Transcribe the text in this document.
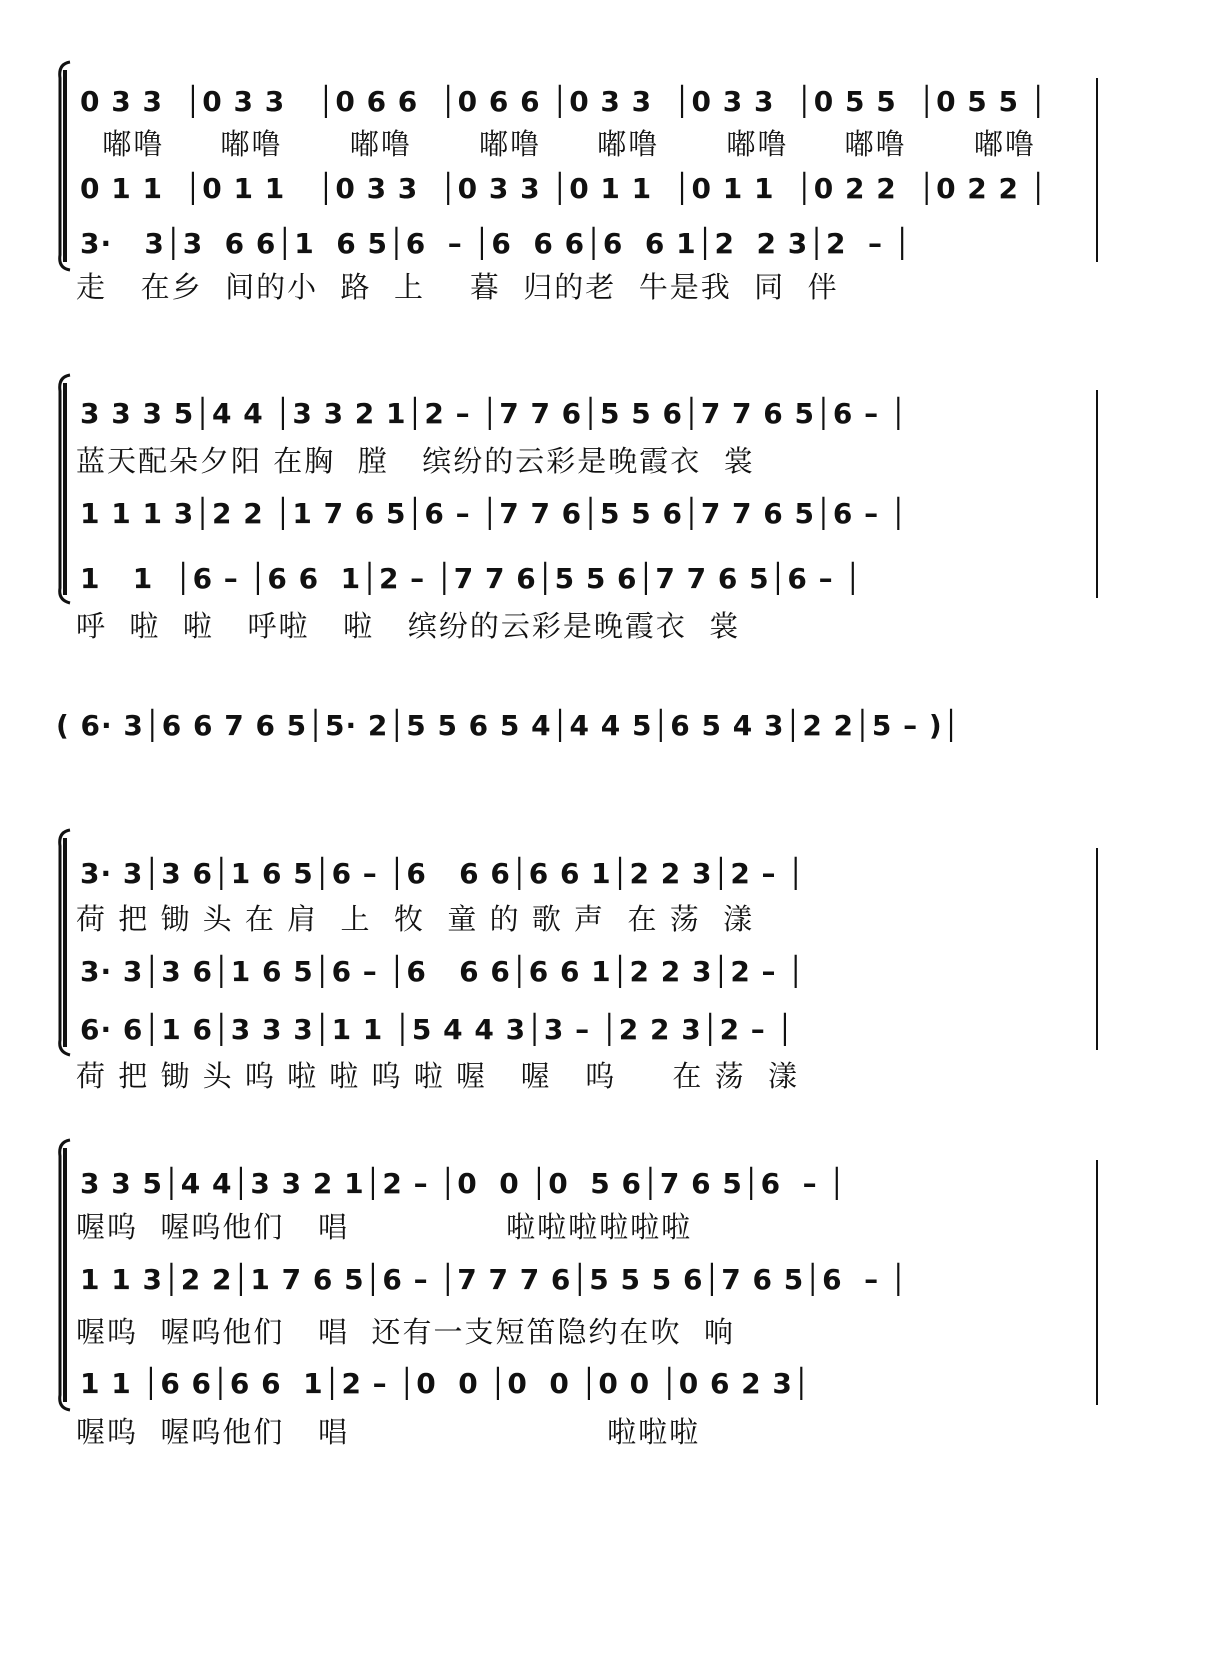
0 3 3  │0 3 3   │0 6 6  │0 6 6 │0 3 3  │0 3 3  │0 5 5  │0 5 5 │
嘟噜     嘟噜      嘟噜      嘟噜     嘟噜      嘟噜     嘟噜      嘟噜
0 1 1  │0 1 1   │0 3 3  │0 3 3 │0 1 1  │0 1 1  │0 2 2  │0 2 2 │
3·   3│3  6 6│1  6 5│6  – │6  6 6│6  6 1│2  2 3│2  – │
走   在乡  间的小  路  上    暮  归的老  牛是我  同  伴
3 3 3 5│4 4 │3 3 2 1│2 – │7 7 6│5 5 6│7 7 6 5│6 – │
蓝天配朵夕阳 在胸  膛   缤纷的云彩是晚霞衣  裳
1 1 1 3│2 2 │1 7 6 5│6 – │7 7 6│5 5 6│7 7 6 5│6 – │
1   1  │6 – │6 6  1│2 – │7 7 6│5 5 6│7 7 6 5│6 – │
呼  啦  啦   呼啦   啦   缤纷的云彩是晚霞衣  裳
( 6· 3│6 6 7 6 5│5· 2│5 5 6 5 4│4 4 5│6 5 4 3│2 2│5 – )│
3· 3│3 6│1 6 5│6 – │6   6 6│6 6 1│2 2 3│2 – │
荷 把 锄 头 在 肩  上  牧  童 的 歌 声  在 荡  漾
3· 3│3 6│1 6 5│6 – │6   6 6│6 6 1│2 2 3│2 – │
6· 6│1 6│3 3 3│1 1 │5 4 4 3│3 – │2 2 3│2 – │
荷 把 锄 头 呜 啦 啦 呜 啦 喔   喔   呜     在 荡  漾
3 3 5│4 4│3 3 2 1│2 – │0  0 │0  5 6│7 6 5│6  – │
喔呜  喔呜他们   唱              啦啦啦啦啦啦
1 1 3│2 2│1 7 6 5│6 – │7 7 7 6│5 5 5 6│7 6 5│6  – │
喔呜  喔呜他们   唱  还有一支短笛隐约在吹  响
1 1 │6 6│6 6  1│2 – │0  0 │0  0 │0 0 │0 6 2 3│
喔呜  喔呜他们   唱                       啦啦啦
